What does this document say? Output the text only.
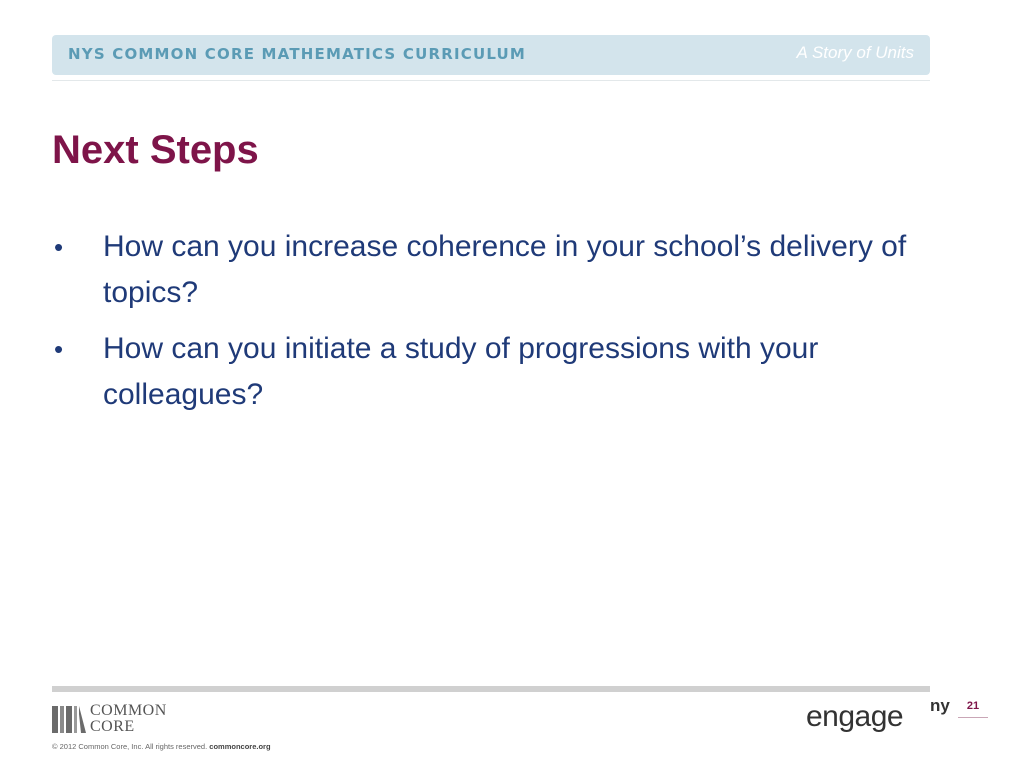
NYS COMMON CORE MATHEMATICS CURRICULUM	A Story of Units
Next Steps
• How can you increase coherence in your school’s delivery of topics?
• How can you initiate a study of progressions with your colleagues?
COMMON
CORE
© 2012 Common Core, Inc. All rights reserved. commoncore.org
engage ny	21
